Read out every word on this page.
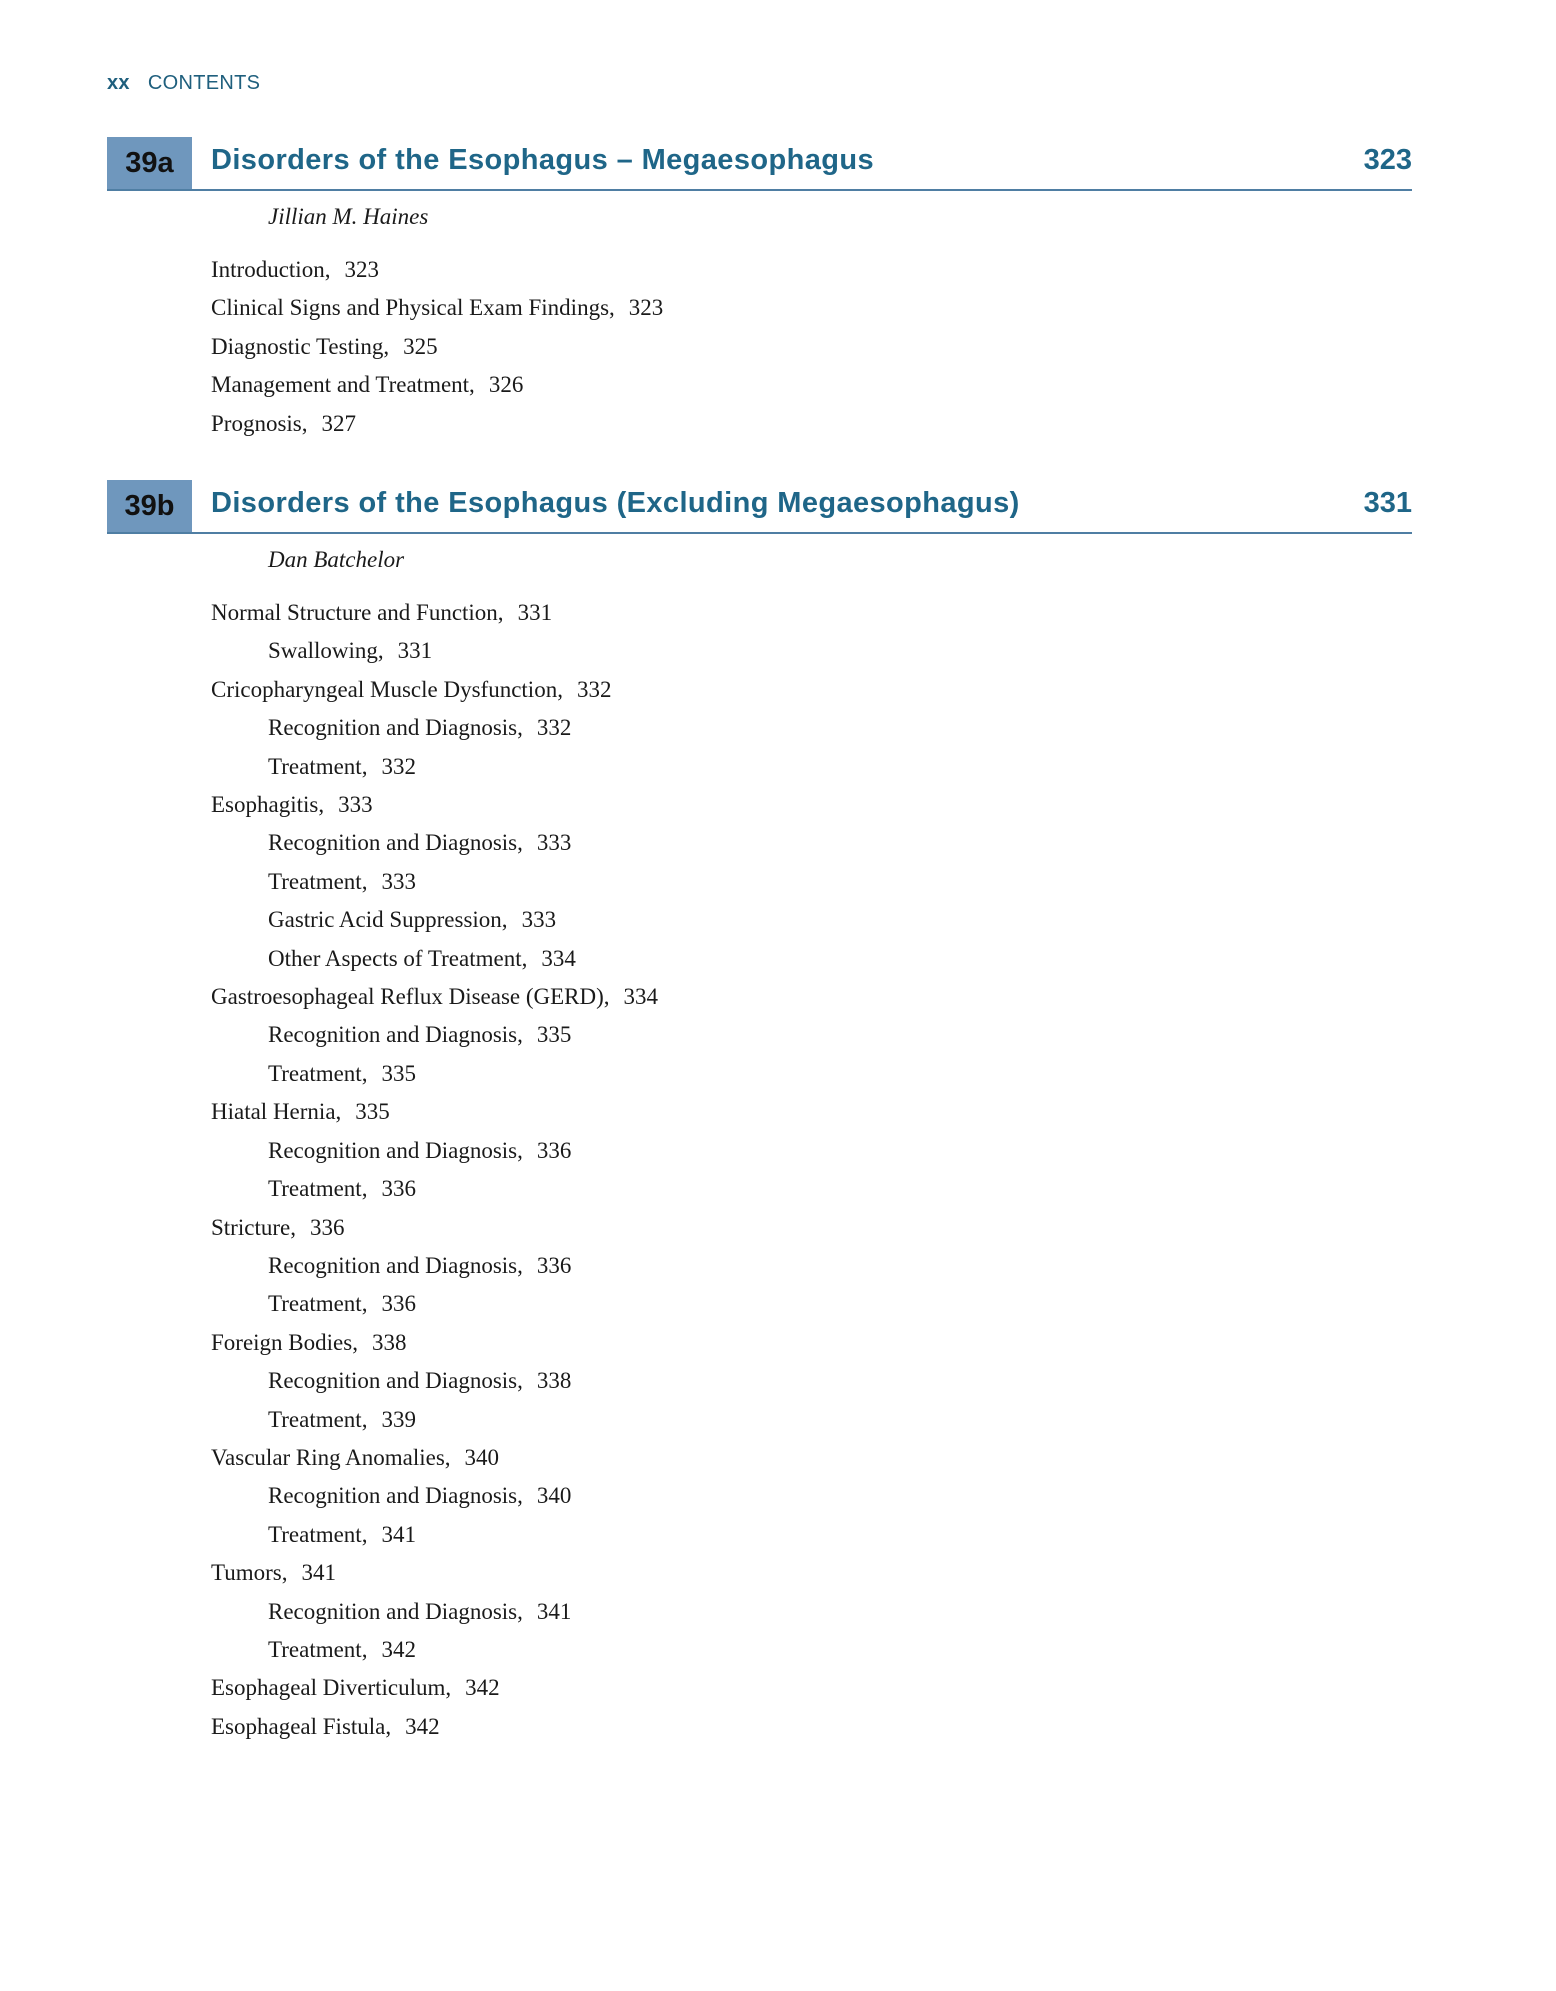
xx CONTENTS
39a	Disorders of the Esophagus – Megaesophagus	323
Jillian M. Haines
Introduction, 323
Clinical Signs and Physical Exam Findings, 323
Diagnostic Testing, 325
Management and Treatment, 326
Prognosis, 327
39b	Disorders of the Esophagus (Excluding Megaesophagus)	331
Dan Batchelor
Normal Structure and Function, 331
Swallowing, 331
Cricopharyngeal Muscle Dysfunction, 332
Recognition and Diagnosis, 332
Treatment, 332
Esophagitis, 333
Recognition and Diagnosis, 333
Treatment, 333
Gastric Acid Suppression, 333
Other Aspects of Treatment, 334
Gastroesophageal Reflux Disease (GERD), 334
Recognition and Diagnosis, 335
Treatment, 335
Hiatal Hernia, 335
Recognition and Diagnosis, 336
Treatment, 336
Stricture, 336
Recognition and Diagnosis, 336
Treatment, 336
Foreign Bodies, 338
Recognition and Diagnosis, 338
Treatment, 339
Vascular Ring Anomalies, 340
Recognition and Diagnosis, 340
Treatment, 341
Tumors, 341
Recognition and Diagnosis, 341
Treatment, 342
Esophageal Diverticulum, 342
Esophageal Fistula, 342
